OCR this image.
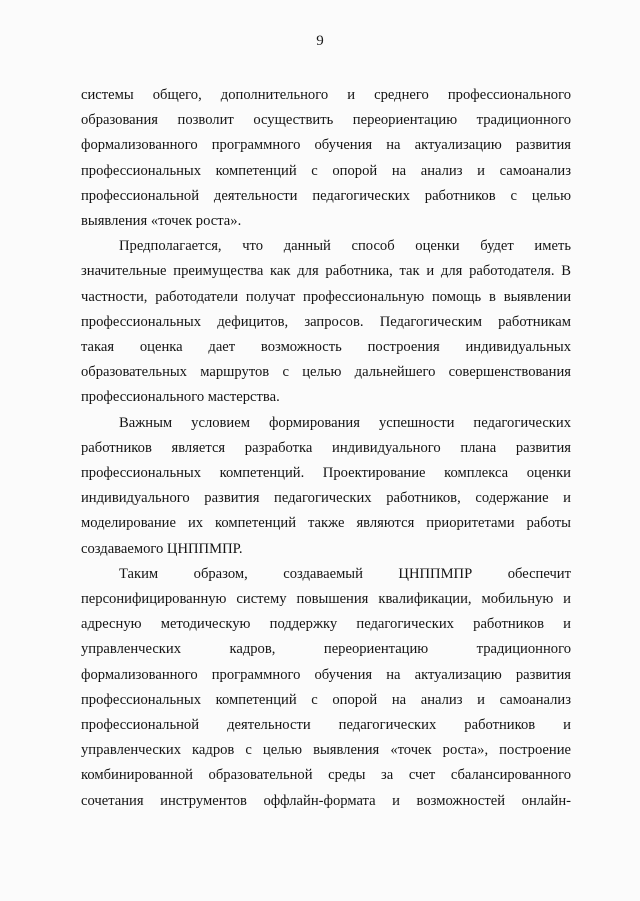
9

системы общего, дополнительного и среднего профессионального

образования позволит осуществить переориентацию традиционного

формализованного программного обучения на актуализацию развития

профессиональных компетенций с опорой на анализ и самоанализ

профессиональной деятельности педагогических работников с целью

выявления «точек роста».

Предполагается, что данный способ оценки будет иметь

значительные преимущества как для работника, так и для работодателя. В

частности, работодатели получат профессиональную помощь в выявлении

профессиональных дефицитов, запросов. Педагогическим работникам

такая оценка дает возможность построения индивидуальных

образовательных маршрутов с целью дальнейшего совершенствования

профессионального мастерства.

Важным условием формирования успешности педагогических

работников является разработка индивидуального плана развития

профессиональных компетенций. Проектирование комплекса оценки

индивидуального развития педагогических работников, содержание и

моделирование их компетенций также являются приоритетами работы

создаваемого ЦНППМПР.

Таким образом, создаваемый ЦНППМПР обеспечит

персонифицированную систему повышения квалификации, мобильную и

адресную методическую поддержку педагогических работников и

управленческих кадров, переориентацию традиционного

формализованного программного обучения на актуализацию развития

профессиональных компетенций с опорой на анализ и самоанализ

профессиональной деятельности педагогических работников и

управленческих кадров с целью выявления «точек роста», построение

комбинированной образовательной среды за счет сбалансированного

сочетания инструментов оффлайн-формата и возможностей онлайн-
